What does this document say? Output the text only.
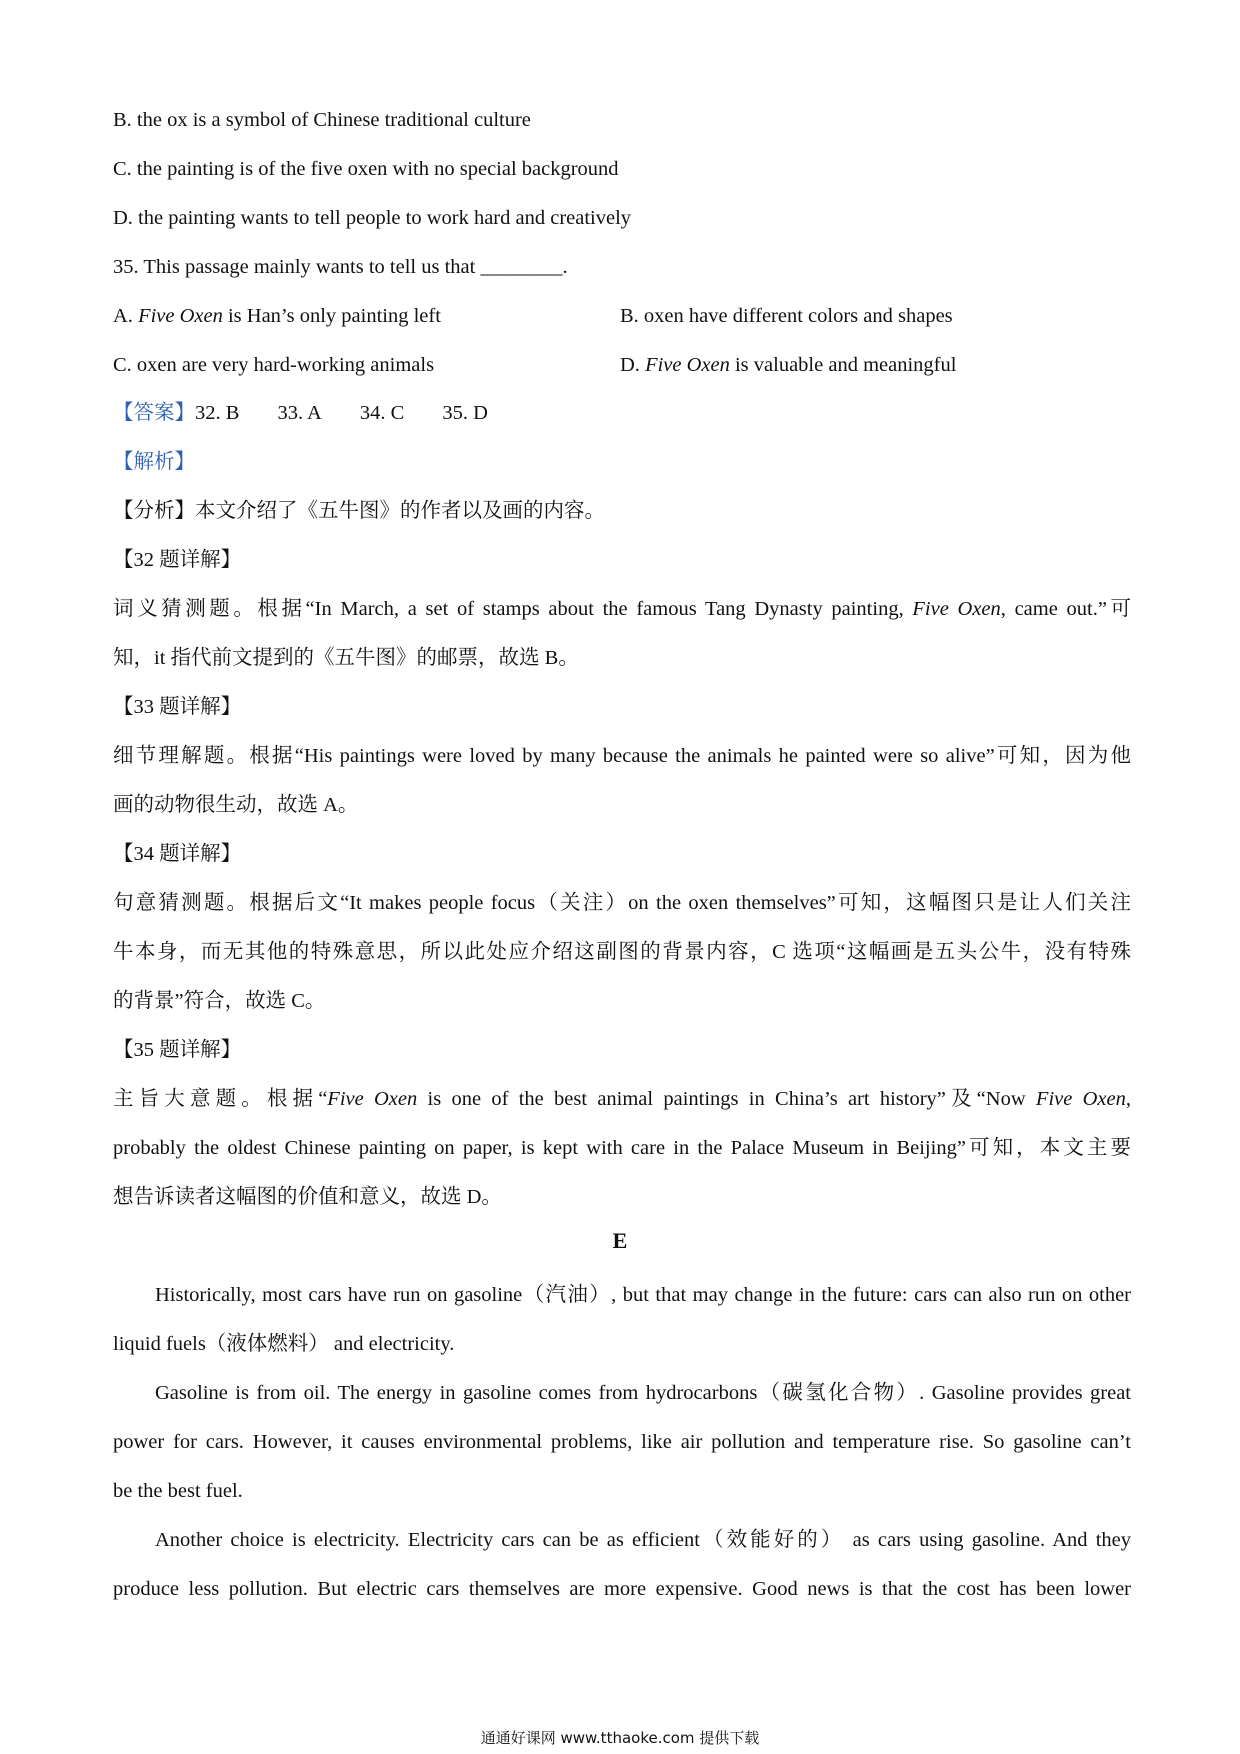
B. the ox is a symbol of Chinese traditional culture
C. the painting is of the five oxen with no special background
D. the painting wants to tell people to work hard and creatively
35. This passage mainly wants to tell us that ________.
A. Five Oxen is Han’s only painting left	B. oxen have different colors and shapes
C. oxen are very hard-working animals	D. Five Oxen is valuable and meaningful
【答案】32. B 33. A 34. C 35. D
【解析】
【分析】本文介绍了《五牛图》的作者以及画的内容。
【32 题详解】
词义猜测题。根据“In March, a set of stamps about the famous Tang Dynasty painting, Five Oxen, came out.”可
知，it 指代前文提到的《五牛图》的邮票，故选 B。
【33 题详解】
细节理解题。根据“His paintings were loved by many because the animals he painted were so alive”可知，因为他
画的动物很生动，故选 A。
【34 题详解】
句意猜测题。根据后文“It makes people focus（关注）on the oxen themselves”可知，这幅图只是让人们关注
牛本身，而无其他的特殊意思，所以此处应介绍这副图的背景内容，C 选项“这幅画是五头公牛，没有特殊
的背景”符合，故选 C。
【35 题详解】
主旨大意题。根据“Five Oxen is one of the best animal paintings in China’s art history”及“Now Five Oxen,
probably the oldest Chinese painting on paper, is kept with care in the Palace Museum in Beijing”可知，本文主要
想告诉读者这幅图的价值和意义，故选 D。
E
Historically, most cars have run on gasoline（汽油）, but that may change in the future: cars can also run on other
liquid fuels（液体燃料） and electricity.
Gasoline is from oil. The energy in gasoline comes from hydrocarbons（碳氢化合物）. Gasoline provides great
power for cars. However, it causes environmental problems, like air pollution and temperature rise. So gasoline can’t
be the best fuel.
Another choice is electricity. Electricity cars can be as efficient（效能好的） as cars using gasoline. And they
produce less pollution. But electric cars themselves are more expensive. Good news is that the cost has been lower
通通好课网 www.tthaoke.com 提供下载
